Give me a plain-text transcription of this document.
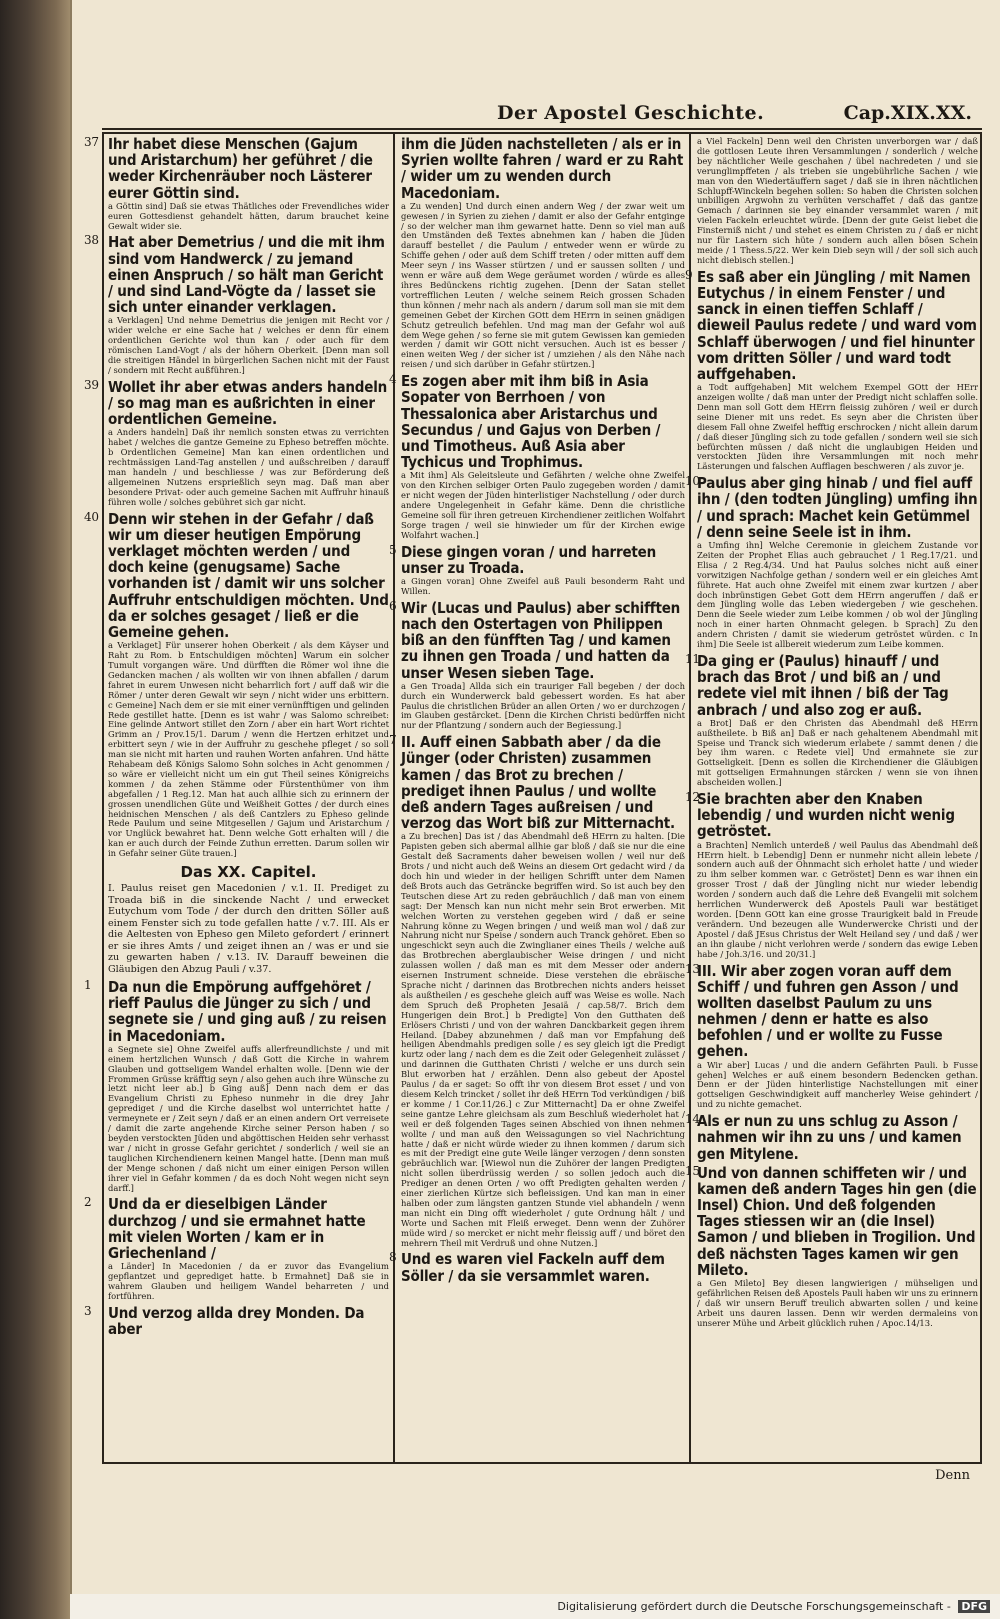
Der Apostel Geschichte.	Cap.XIX.XX.
37 Ihr habet diese Menschen (Gajum und Aristarchum) her geführet / die weder Kirchenräuber noch Lästerer eurer Göttin sind.
a Göttin sind] Daß sie etwas Thätliches oder Frevendliches wider euren Gottesdienst gehandelt hätten, darum brauchet keine Gewalt wider sie.
38 Hat aber Demetrius / und die mit ihm sind vom Handwerck / zu jemand einen Anspruch / so hält man Gericht / und sind Land-Vögte da / lasset sie sich unter einander verklagen.
a Verklagen] Und nehme Demetrius die jenigen mit Recht vor / wider welche er eine Sache hat / welches er denn für einem ordentlichen Gerichte wol thun kan / oder auch für dem römischen Land-Vogt / als der höhern Oberkeit. [Denn man soll die streitigen Händel in bürgerlichen Sachen nicht mit der Faust / sondern mit Recht außführen.]
39 Wollet ihr aber etwas anders handeln / so mag man es außrichten in einer ordentlichen Gemeine.
a Anders handeln] Daß ihr nemlich sonsten etwas zu verrichten habet / welches die gantze Gemeine zu Epheso betreffen möchte. b Ordentlichen Gemeine] Man kan einen ordentlichen und rechtmässigen Land-Tag anstellen / und außschreiben / darauff man handeln / und beschliesse / was zur Beförderung deß allgemeinen Nutzens ersprießlich seyn mag. Daß man aber besondere Privat- oder auch gemeine Sachen mit Auffruhr hinauß führen wolle / solches gebühret sich gar nicht.
40 Denn wir stehen in der Gefahr / daß wir um dieser heutigen Empörung verklaget möchten werden / und doch keine (genugsame) Sache vorhanden ist / damit wir uns solcher Auffruhr entschuldigen möchten. Und da er solches gesaget / ließ er die Gemeine gehen.
a Verklaget] Für unserer hohen Oberkeit / als dem Käyser und Raht zu Rom. b Entschuldigen möchten] Warum ein solcher Tumult vorgangen wäre. Und dürfften die Römer wol ihne die Gedancken machen / als wollten wir von ihnen abfallen / darum fahret in eurem Unwesen nicht beharrlich fort / auff daß wir die Römer / unter deren Gewalt wir seyn / nicht wider uns erbittern. c Gemeine] Nach dem er sie mit einer vernünfftigen und gelinden Rede gestillet hatte. [Denn es ist wahr / was Salomo schreibet: Eine gelinde Antwort stillet den Zorn / aber ein hart Wort richtet Grimm an / Prov.15/1. Darum / wenn die Hertzen erhitzet und erbittert seyn / wie in der Auffruhr zu geschehe pfleget / so soll man sie nicht mit harten und rauhen Worten anfahren. Und hätte Rehabeam deß Königs Salomo Sohn solches in Acht genommen / so wäre er vielleicht nicht um ein gut Theil seines Königreichs kommen / da zehen Stämme oder Fürstenthümer von ihm abgefallen / 1 Reg.12. Man hat auch allhie sich zu erinnern der grossen unendlichen Güte und Weißheit Gottes / der durch eines heidnischen Menschen / als deß Cantzlers zu Epheso gelinde Rede Paulum und seine Mitgesellen / Gajum und Aristarchum / vor Unglück bewahret hat. Denn welche Gott erhalten will / die kan er auch durch der Feinde Zuthun erretten. Darum sollen wir in Gefahr seiner Güte trauen.]
Das XX. Capitel.
I. Paulus reiset gen Macedonien / v.1. II. Prediget zu Troada biß in die sinckende Nacht / und erwecket Eutychum vom Tode / der durch den dritten Söller auß einem Fenster sich zu tode gefallen hatte / v.7. III. Als er die Aeltesten von Epheso gen Mileto gefordert / erinnert er sie ihres Amts / und zeiget ihnen an / was er und sie zu gewarten haben / v.13. IV. Darauff beweinen die Gläubigen den Abzug Pauli / v.37.
1 Da nun die Empörung auffgehöret / rieff Paulus die Jünger zu sich / und segnete sie / und ging auß / zu reisen in Macedoniam.
a Segnete sie] Ohne Zweifel auffs allerfreundlichste / und mit einem hertzlichen Wunsch / daß Gott die Kirche in wahrem Glauben und gottseligem Wandel erhalten wolle. [Denn wie der Frommen Grüsse kräfftig seyn / also gehen auch ihre Wünsche zu letzt nicht leer ab.] b Ging auß] Denn nach dem er das Evangelium Christi zu Epheso nunmehr in die drey Jahr geprediget / und die Kirche daselbst wol unterrichtet hatte / vermeynete er / Zeit seyn / daß er an einen andern Ort verreisete / damit die zarte angehende Kirche seiner Person haben / so beyden verstockten Jüden und abgöttischen Heiden sehr verhasst war / nicht in grosse Gefahr gerichtet / sonderlich / weil sie an tauglichen Kirchendienern keinen Mangel hatte. [Denn man muß der Menge schonen / daß nicht um einer einigen Person willen ihrer viel in Gefahr kommen / da es doch Noht wegen nicht seyn darff.]
2 Und da er dieselbigen Länder durchzog / und sie ermahnet hatte mit vielen Worten / kam er in Griechenland /
a Länder] In Macedonien / da er zuvor das Evangelium gepflantzet und geprediget hatte. b Ermahnet] Daß sie in wahrem Glauben und heiligem Wandel beharreten / und fortführen.
3 Und verzog allda drey Monden. Da aber
ihm die Jüden nachstelleten / als er in Syrien wollte fahren / ward er zu Raht / wider um zu wenden durch Macedoniam.
a Zu wenden] Und durch einen andern Weg / der zwar weit um gewesen / in Syrien zu ziehen / damit er also der Gefahr entginge / so der welcher man ihm gewarnet hatte. Denn so viel man auß den Umständen deß Textes abnehmen kan / haben die Jüden darauff bestellet / die Paulum / entweder wenn er würde zu Schiffe gehen / oder auß dem Schiff treten / oder mitten auff dem Meer seyn / ins Wasser stürtzen / und er saussen sollten / und wenn er wäre auß dem Wege geräumet worden / würde es alles ihres Bedünckens richtig zugehen. [Denn der Satan stellet vortrefflichen Leuten / welche seinem Reich grossen Schaden thun können / mehr nach als andern / darum soll man sie mit dem gemeinen Gebet der Kirchen GOtt dem HErrn in seinen gnädigen Schutz getreulich befehlen. Und mag man der Gefahr wol auß dem Wege gehen / so ferne sie mit gutem Gewissen kan gemieden werden / damit wir GOtt nicht versuchen. Auch ist es besser / einen weiten Weg / der sicher ist / umziehen / als den Nähe nach reisen / und sich darüber in Gefahr stürtzen.]
4 Es zogen aber mit ihm biß in Asia Sopater von Berrhoen / von Thessalonica aber Aristarchus und Secundus / und Gajus von Derben / und Timotheus. Auß Asia aber Tychicus und Trophimus.
a Mit ihm] Als Geleitsleute und Gefährten / welche ohne Zweifel von den Kirchen selbiger Orten Paulo zugegeben worden / damit er nicht wegen der Jüden hinterlistiger Nachstellung / oder durch andere Ungelegenheit in Gefahr käme. Denn die christliche Gemeine soll für ihren getreuen Kirchendiener zeitlichen Wolfahrt Sorge tragen / weil sie hinwieder um für der Kirchen ewige Wolfahrt wachen.]
5 Diese gingen voran / und harreten unser zu Troada.
a Gingen voran] Ohne Zweifel auß Pauli besonderm Raht und Willen.
6 Wir (Lucas und Paulus) aber schifften nach den Ostertagen von Philippen biß an den fünfften Tag / und kamen zu ihnen gen Troada / und hatten da unser Wesen sieben Tage.
a Gen Troada] Allda sich ein trauriger Fall begeben / der doch durch ein Wunderwerck bald gebessert worden. Es hat aber Paulus die christlichen Brüder an allen Orten / wo er durchzogen / im Glauben gestärcket. [Denn die Kirchen Christi bedürffen nicht nur der Pflantzung / sondern auch der Begiessung.]
7 II. Auff einen Sabbath aber / da die Jünger (oder Christen) zusammen kamen / das Brot zu brechen / prediget ihnen Paulus / und wollte deß andern Tages außreisen / und verzog das Wort biß zur Mitternacht.
a Zu brechen] Das ist / das Abendmahl deß HErrn zu halten. [Die Papisten geben sich abermal allhie gar bloß / daß sie nur die eine Gestalt deß Sacraments daher beweisen wollen / weil nur deß Brots / und nicht auch deß Weins an diesem Ort gedacht wird / da doch hin und wieder in der heiligen Schrifft unter dem Namen deß Brots auch das Geträncke begriffen wird. So ist auch bey den Teutschen diese Art zu reden gebräuchlich / daß man von einem sagt: Der Mensch kan nun nicht mehr sein Brot erwerben. Mit welchen Worten zu verstehen gegeben wird / daß er seine Nahrung könne zu Wegen bringen / und weiß man wol / daß zur Nahrung nicht nur Speise / sondern auch Tranck gehöret. Eben so ungeschickt seyn auch die Zwinglianer eines Theils / welche auß das Brotbrechen aberglaubischer Weise dringen / und nicht zulassen wollen / daß man es mit dem Messer oder andern eisernen Instrument schneide. Diese verstehen die ebräische Sprache nicht / darinnen das Brotbrechen nichts anders heisset als außtheilen / es geschehe gleich auff was Weise es wolle. Nach dem Spruch deß Propheten Jesaiä / cap.58/7. Brich dem Hungerigen dein Brot.] b Predigte] Von den Gutthaten deß Erlösers Christi / und von der wahren Danckbarkeit gegen ihrem Heiland. [Dabey abzunehmen / daß man vor Empfahung deß heiligen Abendmahls predigen solle / es sey gleich igt die Predigt kurtz oder lang / nach dem es die Zeit oder Gelegenheit zulässet / und darinnen die Gutthaten Christi / welche er uns durch sein Blut erworben hat / erzählen. Denn also gebeut der Apostel Paulus / da er saget: So offt ihr von diesem Brot esset / und von diesem Kelch trincket / sollet ihr deß HErrn Tod verkündigen / biß er komme / 1 Cor.11/26.] c Zur Mitternacht] Da er ohne Zweifel seine gantze Lehre gleichsam als zum Beschluß wiederholet hat / weil er deß folgenden Tages seinen Abschied von ihnen nehmen wollte / und man auß den Weissagungen so viel Nachrichtung hatte / daß er nicht würde wieder zu ihnen kommen / darum sich es mit der Predigt eine gute Weile länger verzogen / denn sonsten gebräuchlich war. [Wiewol nun die Zuhörer der langen Predigten nicht sollen überdrüssig werden / so sollen jedoch auch die Prediger an denen Orten / wo offt Predigten gehalten werden / einer zierlichen Kürtze sich befleissigen. Und kan man in einer halben oder zum längsten gantzen Stunde viel abhandeln / wenn man nicht ein Ding offt wiederholet / gute Ordnung hält / und Worte und Sachen mit Fleiß erweget. Denn wenn der Zuhörer müde wird / so mercket er nicht mehr fleissig auff / und böret den mehrern Theil mit Verdruß und ohne Nutzen.]
8 Und es waren viel Fackeln auff dem Söller / da sie versammlet waren.
a Viel Fackeln] Denn weil den Christen unverborgen war / daß die gottlosen Leute ihren Versammlungen / sonderlich / welche bey nächtlicher Weile geschahen / übel nachredeten / und sie verunglimpffeten / als trieben sie ungebührliche Sachen / wie man von den Wiedertäuffern saget / daß sie in ihren nächtlichen Schlupff-Winckeln begehen sollen: So haben die Christen solchen unbilligen Argwohn zu verhüten verschaffet / daß das gantze Gemach / darinnen sie bey einander versammlet waren / mit vielen Fackeln erleuchtet würde. [Denn der gute Geist liebet die Finsterniß nicht / und stehet es einem Christen zu / daß er nicht nur für Lastern sich hüte / sondern auch allen bösen Schein meide / 1 Thess.5/22. Wer kein Dieb seyn will / der soll sich auch nicht diebisch stellen.]
9 Es saß aber ein Jüngling / mit Namen Eutychus / in einem Fenster / und sanck in einen tieffen Schlaff / dieweil Paulus redete / und ward vom Schlaff überwogen / und fiel hinunter vom dritten Söller / und ward todt auffgehaben.
a Todt auffgehaben] Mit welchem Exempel GOtt der HErr anzeigen wollte / daß man unter der Predigt nicht schlaffen solle. Denn man soll Gott dem HErrn fleissig zuhören / weil er durch seine Diener mit uns redet. Es seyn aber die Christen über diesem Fall ohne Zweifel hefftig erschrocken / nicht allein darum / daß dieser Jüngling sich zu tode gefallen / sondern weil sie sich befürchten müssen / daß nicht die unglaubigen Heiden und verstockten Jüden ihre Versammlungen mit noch mehr Lästerungen und falschen Aufflagen beschweren / als zuvor je.
10
Paulus aber ging hinab / und fiel auff ihn / (den todten Jüngling) umfing ihn / und sprach: Machet kein Getümmel / denn seine Seele ist in ihm.
a Umfing ihn] Welche Ceremonie in gleichem Zustande vor Zeiten der Prophet Elias auch gebrauchet / 1 Reg.17/21. und Elisa / 2 Reg.4/34. Und hat Paulus solches nicht auß einer vorwitzigen Nachfolge gethan / sondern weil er ein gleiches Amt führete. Hat auch ohne Zweifel mit einem zwar kurtzen / aber doch inbrünstigen Gebet Gott dem HErrn angeruffen / daß er dem Jüngling wolle das Leben wiedergeben / wie geschehen. Denn die Seele wieder zum Leibe kommen / ob wol der Jüngling noch in einer harten Ohnmacht gelegen. b Sprach] Zu den andern Christen / damit sie wiederum getröstet würden. c In ihm] Die Seele ist allbereit wiederum zum Leibe kommen.
11
Da ging er (Paulus) hinauff / und brach das Brot / und biß an / und redete viel mit ihnen / biß der Tag anbrach / und also zog er auß.
a Brot] Daß er den Christen das Abendmahl deß HErrn außtheilete. b Biß an] Daß er nach gehaltenem Abendmahl mit Speise und Tranck sich wiederum erlabete / sammt denen / die bey ihm waren. c Redete viel] Und ermahnete sie zur Gottseligkeit. [Denn es sollen die Kirchendiener die Gläubigen mit gottseligen Ermahnungen stärcken / wenn sie von ihnen abscheiden wollen.]
12
Sie brachten aber den Knaben lebendig / und wurden nicht wenig getröstet.
a Brachten] Nemlich unterdeß / weil Paulus das Abendmahl deß HErrn hielt. b Lebendig] Denn er nunmehr nicht allein lebete / sondern auch auß der Ohnmacht sich erholet hatte / und wieder zu ihm selber kommen war. c Getröstet] Denn es war ihnen ein grosser Trost / daß der Jüngling nicht nur wieder lebendig worden / sondern auch daß die Lehre deß Evangelii mit solchem herrlichen Wunderwerck deß Apostels Pauli war bestätiget worden. [Denn GOtt kan eine grosse Traurigkeit bald in Freude verändern. Und bezeugen alle Wunderwercke Christi und der Apostel / daß JEsus Christus der Welt Heiland sey / und daß / wer an ihn glaube / nicht verlohren werde / sondern das ewige Leben habe / Joh.3/16. und 20/31.]
13
III. Wir aber zogen voran auff dem Schiff / und fuhren gen Asson / und wollten daselbst Paulum zu uns nehmen / denn er hatte es also befohlen / und er wollte zu Fusse gehen.
a Wir aber] Lucas / und die andern Gefährten Pauli. b Fusse gehen] Welches er auß einem besondern Bedencken gethan. Denn er der Jüden hinterlistige Nachstellungen mit einer gottseligen Geschwindigkeit auff mancherley Weise gehindert / und zu nichte gemachet.
14
Als er nun zu uns schlug zu Asson / nahmen wir ihn zu uns / und kamen gen Mitylene.
15
Und von dannen schiffeten wir / und kamen deß andern Tages hin gen (die Insel) Chion. Und deß folgenden Tages stiessen wir an (die Insel) Samon / und blieben in Trogilion. Und deß nächsten Tages kamen wir gen Mileto.
a Gen Mileto] Bey diesen langwierigen / mühseligen und gefährlichen Reisen deß Apostels Pauli haben wir uns zu erinnern / daß wir unsern Beruff treulich abwarten sollen / und keine Arbeit uns dauren lassen. Denn wir werden dermaleins von unserer Mühe und Arbeit glücklich ruhen / Apoc.14/13.
Denn
Digitalisierung gefördert durch die Deutsche Forschungsgemeinschaft - DFG
